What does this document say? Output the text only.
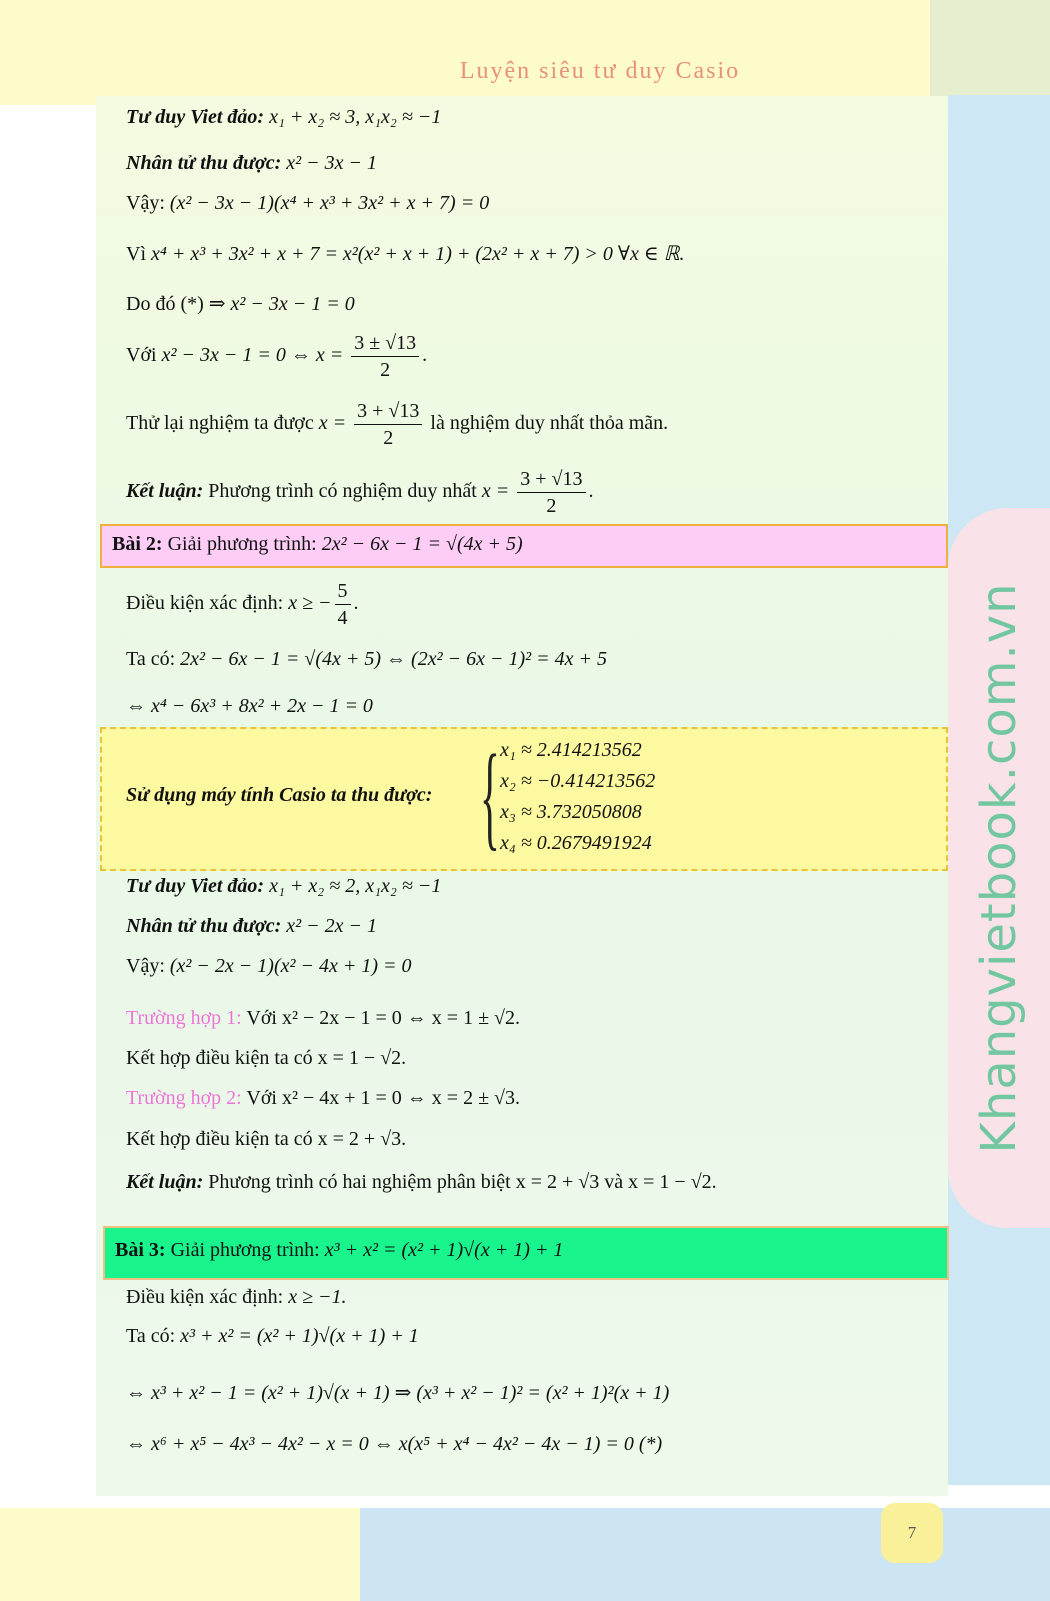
Luyện siêu tư duy Casio
Khangvietbook.com.vn
Tư duy Viet đảo: x₁ + x₂ ≈ 3, x₁x₂ ≈ −1
Nhân tử thu được: x² − 3x − 1
Vậy: (x² − 3x − 1)(x⁴ + x³ + 3x² + x + 7) = 0
Vì x⁴ + x³ + 3x² + x + 7 = x²(x² + x + 1) + (2x² + x + 7) > 0 ∀x ∈ ℝ.
Do đó (*) ⇒ x² − 3x − 1 = 0
Với x² − 3x − 1 = 0 ⇔ $x = \frac{3 \pm √13}{2}$ .
Thử lại nghiệm ta được $x = \frac{3 + √13}{2}$ là nghiệm duy nhất thỏa mãn.
Kết luận: Phương trình có nghiệm duy nhất $x = \frac{3 + √13}{2}$ .
Bài 2: Giải phương trình: 2x² − 6x − 1 = √(4x + 5)
Điều kiện xác định: x ≥ − $\frac{5}{4}$ .
Ta có: 2x² − 6x − 1 = √(4x + 5) ⇔ (2x² − 6x − 1)² = 4x + 5
⇔ x⁴ − 6x³ + 8x² + 2x − 1 = 0
Sử dụng máy tính Casio ta thu được: { x₁ ≈ 2.414213562
x₂ ≈ −0.414213562
x₃ ≈ 3.732050808
x₄ ≈ 0.2679491924
Tư duy Viet đảo: x₁ + x₂ ≈ 2, x₁x₂ ≈ −1
Nhân tử thu được: x² − 2x − 1
Vậy: (x² − 2x − 1)(x² − 4x + 1) = 0
Trường hợp 1: Với x² − 2x − 1 = 0 ⇔ x = 1 ± √2.
Kết hợp điều kiện ta có x = 1 − √2.
Trường hợp 2: Với x² − 4x + 1 = 0 ⇔ x = 2 ± √3.
Kết hợp điều kiện ta có x = 2 + √3.
Kết luận: Phương trình có hai nghiệm phân biệt x = 2 + √3 và x = 1 − √2.
Bài 3: Giải phương trình: x³ + x² = (x² + 1)√(x + 1) + 1
Điều kiện xác định: x ≥ −1.
Ta có: x³ + x² = (x² + 1)√(x + 1) + 1
⇔ x³ + x² − 1 = (x² + 1)√(x + 1) ⇒ (x³ + x² − 1)² = (x² + 1)²(x + 1)
⇔ x⁶ + x⁵ − 4x³ − 4x² − x = 0 ⇔ x(x⁵ + x⁴ − 4x² − 4x − 1) = 0 (*)
7
